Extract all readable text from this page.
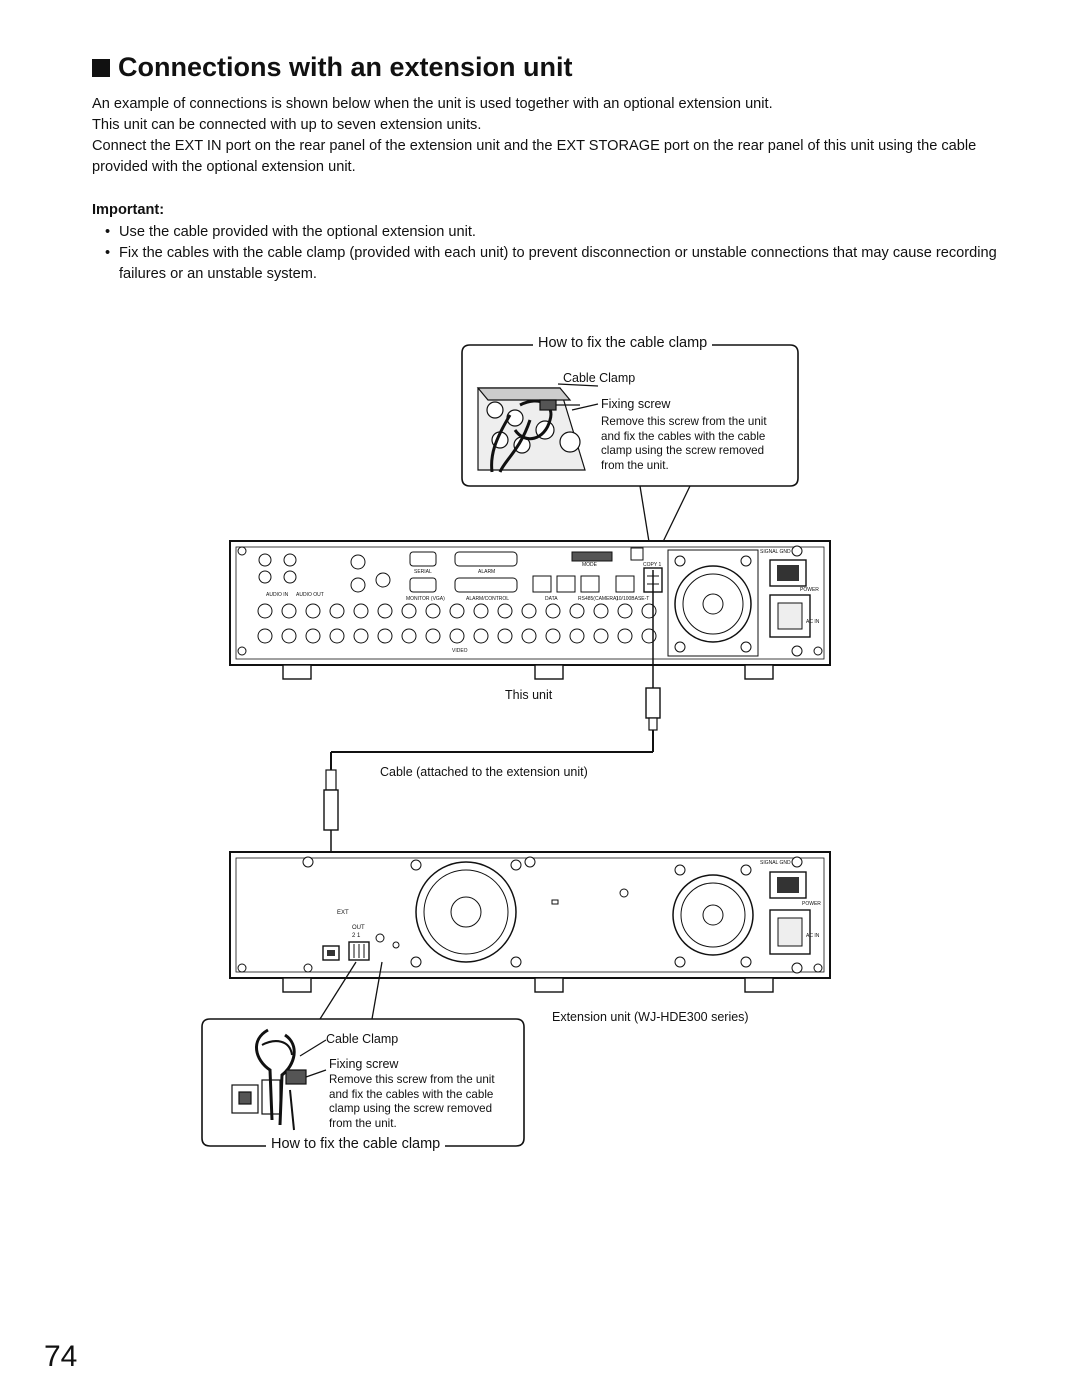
Connections with an extension unit

An example of connections is shown below when the unit is used together with an optional extension unit.

This unit can be connected with up to seven extension units.

Connect the EXT IN port on the rear panel of the extension unit and the EXT STORAGE port on the rear panel of this unit using the cable provided with the optional extension unit.

Important:
• Use the cable provided with the optional extension unit.
• Fix the cables with the cable clamp (provided with each unit) to prevent disconnection or unstable connections that may cause recording failures or an unstable system.
How to fix the cable clamp
Cable Clamp
Fixing screw
Remove this screw from the unit and fix the cables with the cable clamp using the screw removed from the unit.
SIGNAL GND
POWER
AC IN
MODE	COPY 1
SERIAL	ALARM
AUDIO IN AUDIO OUT
MONITOR (VGA)	ALARM/CONTROL	DATA	RS485(CAMERA)
10/100BASE-T
VIDEO
This unit
Cable (attached to the extension unit)
SIGNAL GND
POWER
AC IN
EXT
OUT
2 1
Extension unit (WJ-HDE300 series)
Cable Clamp
Fixing screw
Remove this screw from the unit and fix the cables with the cable clamp using the screw removed from the unit.
How to fix the cable clamp
74
